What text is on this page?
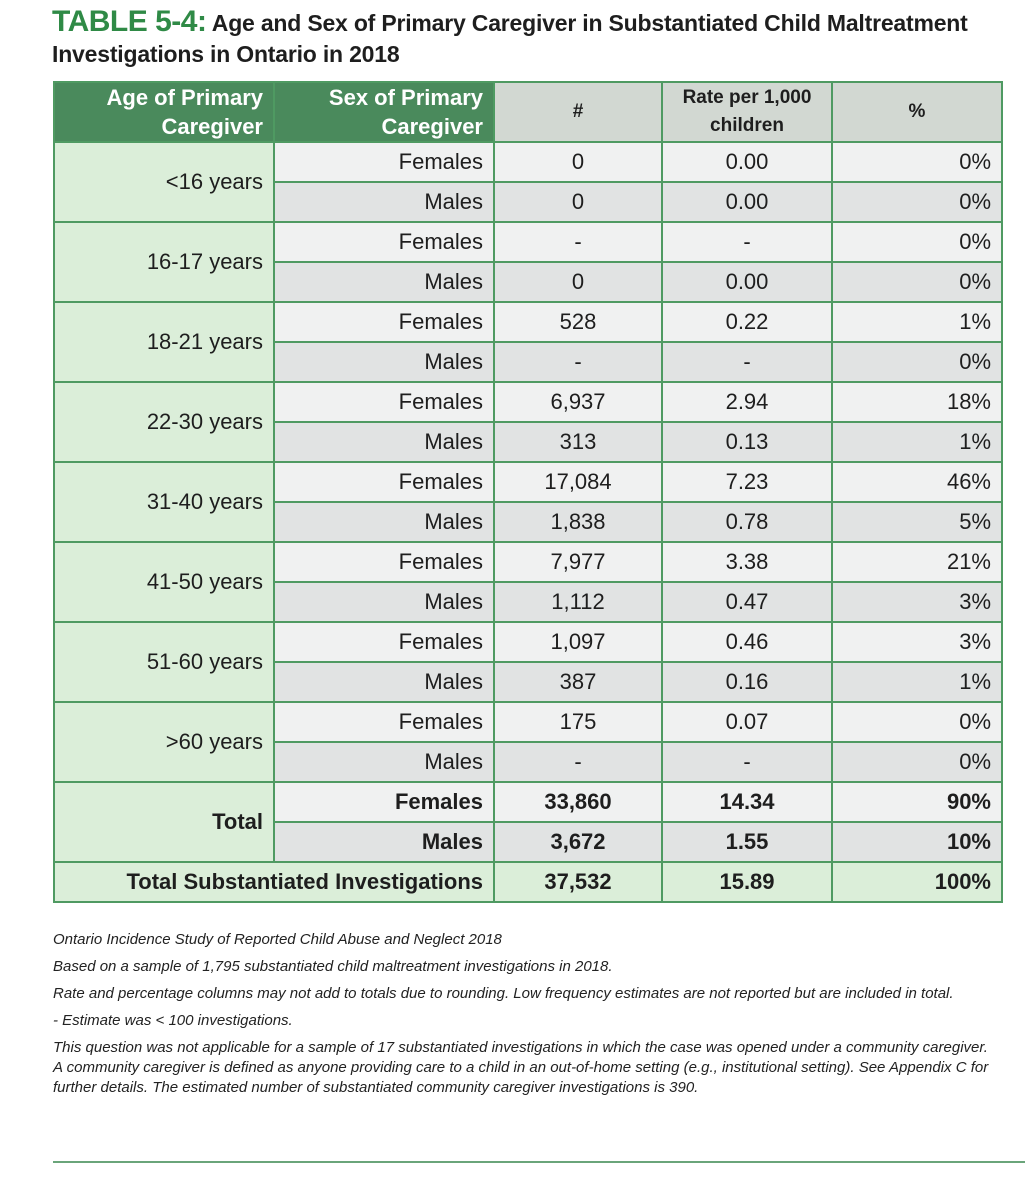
TABLE 5-4: Age and Sex of Primary Caregiver in Substantiated Child Maltreatment
Investigations in Ontario in 2018
Age of Primary Caregiver	Sex of Primary Caregiver	#	Rate per 1,000 children	%
<16 years	Females	0	0.00	0%
	Males	0	0.00	0%
16-17 years	Females	-	-	0%
	Males	0	0.00	0%
18-21 years	Females	528	0.22	1%
	Males	-	-	0%
22-30 years	Females	6,937	2.94	18%
	Males	313	0.13	1%
31-40 years	Females	17,084	7.23	46%
	Males	1,838	0.78	5%
41-50 years	Females	7,977	3.38	21%
	Males	1,112	0.47	3%
51-60 years	Females	1,097	0.46	3%
	Males	387	0.16	1%
>60 years	Females	175	0.07	0%
	Males	-	-	0%
Total	Females	33,860	14.34	90%
	Males	3,672	1.55	10%
Total Substantiated Investigations		37,532	15.89	100%

Ontario Incidence Study of Reported Child Abuse and Neglect 2018

Based on a sample of 1,795 substantiated child maltreatment investigations in 2018.

Rate and percentage columns may not add to totals due to rounding. Low frequency estimates are not reported but are included in total.

- Estimate was < 100 investigations.

This question was not applicable for a sample of 17 substantiated investigations in which the case was opened under a community caregiver. A community caregiver is defined as anyone providing care to a child in an out-of-home setting (e.g., institutional setting). See Appendix C for further details. The estimated number of substantiated community caregiver investigations is 390.
